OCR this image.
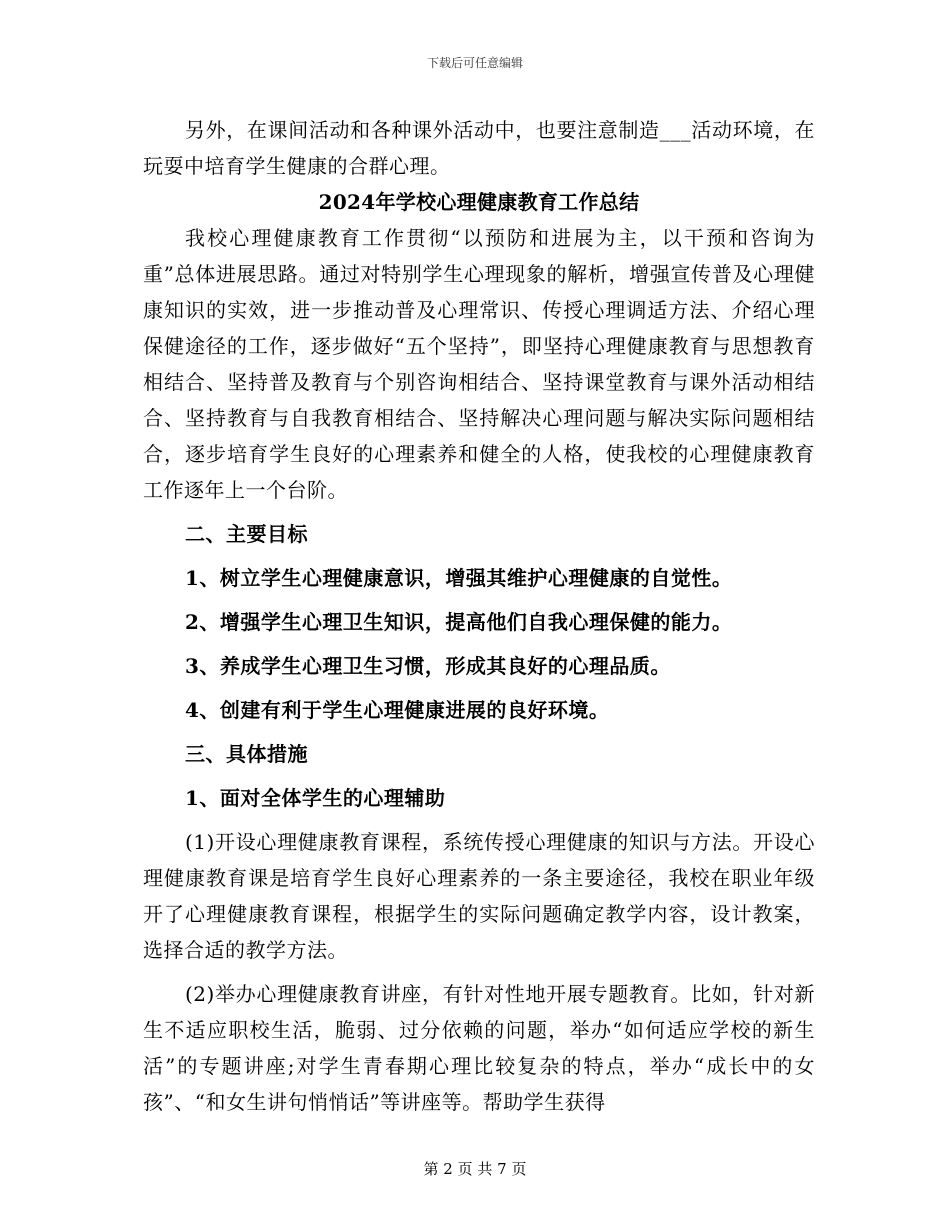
下载后可任意编辑

另外，在课间活动和各种课外活动中，也要注意制造___活动环境，在玩耍中培育学生健康的合群心理。

2024年学校心理健康教育工作总结

我校心理健康教育工作贯彻“以预防和进展为主，以干预和咨询为重”总体进展思路。通过对特别学生心理现象的解析，增强宣传普及心理健康知识的实效，进一步推动普及心理常识、传授心理调适方法、介绍心理保健途径的工作，逐步做好“五个坚持”，即坚持心理健康教育与思想教育相结合、坚持普及教育与个别咨询相结合、坚持课堂教育与课外活动相结合、坚持教育与自我教育相结合、坚持解决心理问题与解决实际问题相结合，逐步培育学生良好的心理素养和健全的人格，使我校的心理健康教育工作逐年上一个台阶。

二、主要目标

1、树立学生心理健康意识，增强其维护心理健康的自觉性。

2、增强学生心理卫生知识，提高他们自我心理保健的能力。

3、养成学生心理卫生习惯，形成其良好的心理品质。

4、创建有利于学生心理健康进展的良好环境。

三、具体措施

1、面对全体学生的心理辅助

(1)开设心理健康教育课程，系统传授心理健康的知识与方法。开设心理健康教育课是培育学生良好心理素养的一条主要途径，我校在职业年级开了心理健康教育课程，根据学生的实际问题确定教学内容，设计教案，选择合适的教学方法。

(2)举办心理健康教育讲座，有针对性地开展专题教育。比如，针对新生不适应职校生活，脆弱、过分依赖的问题，举办“如何适应学校的新生活”的专题讲座;对学生青春期心理比较复杂的特点，举办“成长中的女孩”、“和女生讲句悄悄话”等讲座等。帮助学生获得

第 2 页 共 7 页
